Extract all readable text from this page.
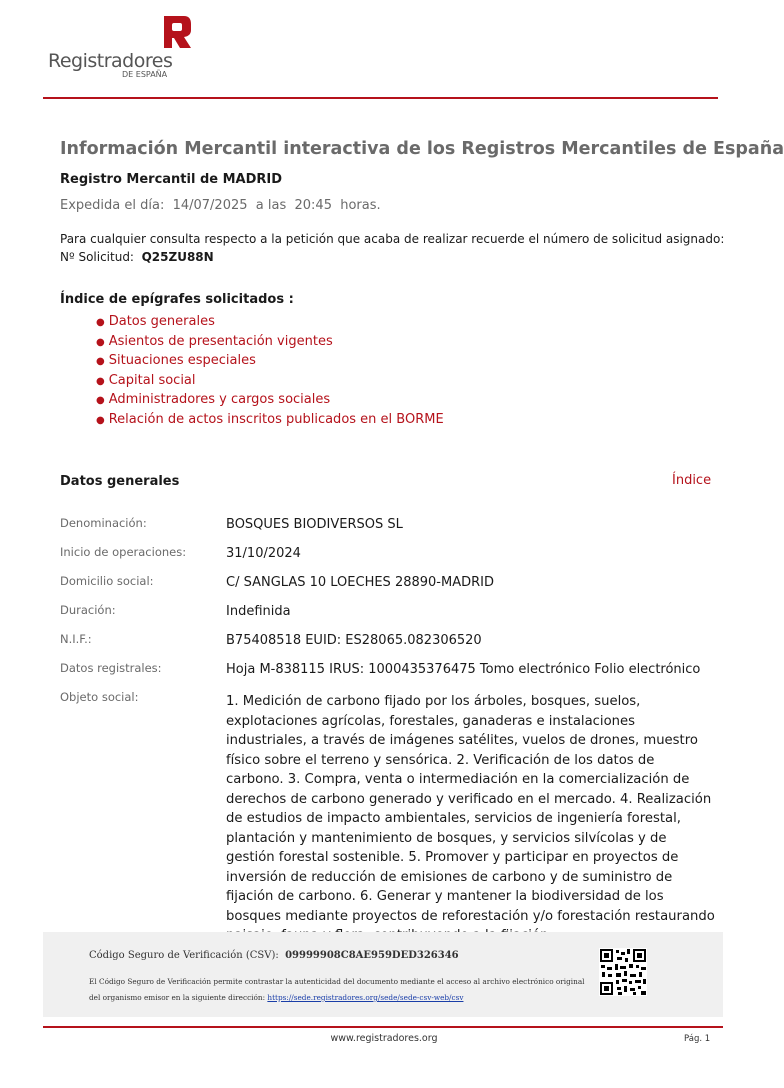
Registradores
DE ESPAÑA
Información Mercantil interactiva de los Registros Mercantiles de España
Registro Mercantil de MADRID
Expedida el día:  14/07/2025  a las  20:45  horas.
Para cualquier consulta respecto a la petición que acaba de realizar recuerde el número de solicitud asignado:
Nº Solicitud:  Q25ZU88N
Índice de epígrafes solicitados :
● Datos generales
● Asientos de presentación vigentes
● Situaciones especiales
● Capital social
● Administradores y cargos sociales
● Relación de actos inscritos publicados en el BORME
Datos generales	Índice
Denominación:	BOSQUES BIODIVERSOS SL
Inicio de operaciones:	31/10/2024
Domicilio social:	C/ SANGLAS 10 LOECHES 28890-MADRID
Duración:	Indefinida
N.I.F.:	B75408518 EUID: ES28065.082306520
Datos registrales:	Hoja M-838115 IRUS: 1000435376475 Tomo electrónico Folio electrónico
Objeto social:	1. Medición de carbono fijado por los árboles, bosques, suelos, explotaciones agrícolas, forestales, ganaderas e instalaciones industriales, a través de imágenes satélites, vuelos de drones, muestro físico sobre el terreno y sensórica. 2. Verificación de los datos de carbono. 3. Compra, venta o intermediación en la comercialización de derechos de carbono generado y verificado en el mercado. 4. Realización de estudios de impacto ambientales, servicios de ingeniería forestal, plantación y mantenimiento de bosques, y servicios silvícolas y de gestión forestal sostenible. 5. Promover y participar en proyectos de inversión de reducción de emisiones de carbono y de suministro de fijación de carbono. 6. Generar y mantener la biodiversidad de los bosques mediante proyectos de reforestación y/o forestación restaurando
Código Seguro de Verificación (CSV):  09999908C8AE959DED326346
El Código Seguro de Verificación permite contrastar la autenticidad del documento mediante el acceso al archivo electrónico original
del organismo emisor en la siguiente dirección: https://sede.registradores.org/sede/sede-csv-web/csv
www.registradores.org	Pág. 1
